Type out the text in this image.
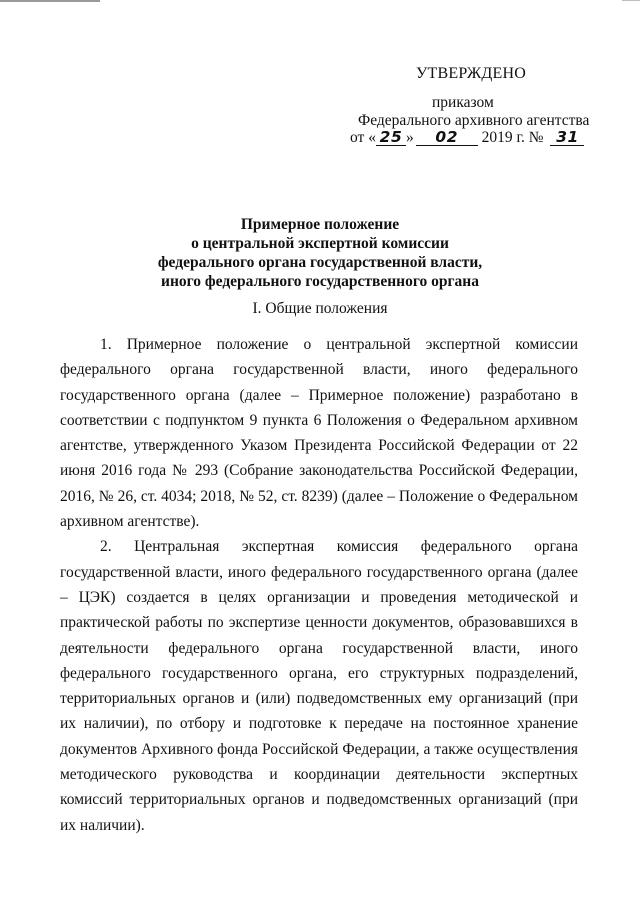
УТВЕРЖДЕНО
приказом
Федерального архивного агентства
от « 25 » 02 2019 г. № 31
Примерное положение
о центральной экспертной комиссии
федерального органа государственной власти,
иного федерального государственного органа
I. Общие положения

1. Примерное положение о центральной экспертной комиссии федерального органа государственной власти, иного федерального государственного органа (далее – Примерное положение) разработано в соответствии с подпунктом 9 пункта 6 Положения о Федеральном архивном агентстве, утвержденного Указом Президента Российской Федерации от 22 июня 2016 года № 293 (Собрание законодательства Российской Федерации, 2016, № 26, ст. 4034; 2018, № 52, ст. 8239) (далее – Положение о Федеральном архивном агентстве).

2. Центральная экспертная комиссия федерального органа государственной власти, иного федерального государственного органа (далее – ЦЭК) создается в целях организации и проведения методической и практической работы по экспертизе ценности документов, образовавшихся в деятельности федерального органа государственной власти, иного федерального государственного органа, его структурных подразделений, территориальных органов и (или) подведомственных ему организаций (при их наличии), по отбору и подготовке к передаче на постоянное хранение документов Архивного фонда Российской Федерации, а также осуществления методического руководства и координации деятельности экспертных комиссий территориальных органов и подведомственных организаций (при их наличии).
